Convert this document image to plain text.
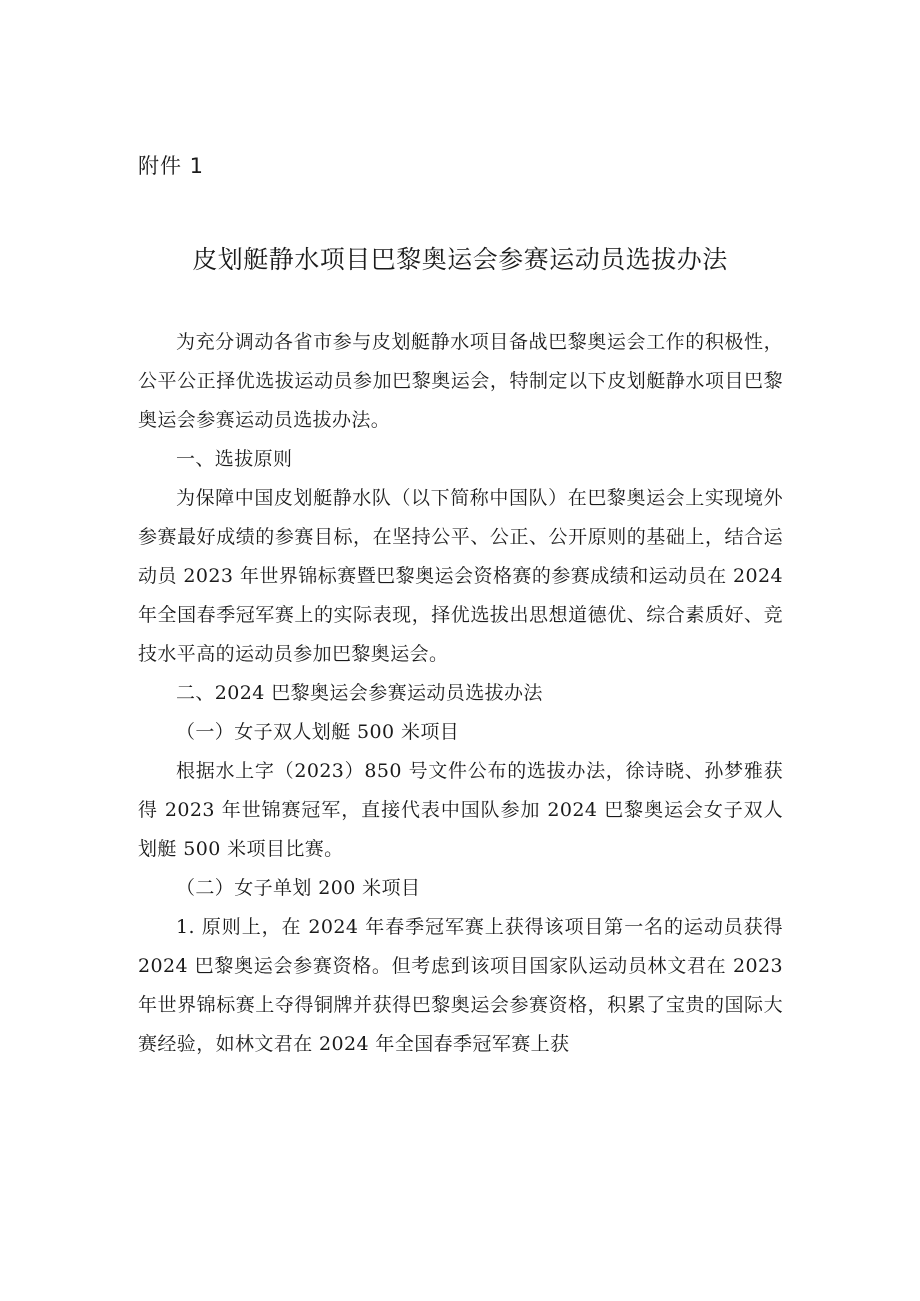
附件 1
皮划艇静水项目巴黎奥运会参赛运动员选拔办法

为充分调动各省市参与皮划艇静水项目备战巴黎奥运会工作的积极性，公平公正择优选拔运动员参加巴黎奥运会，特制定以下皮划艇静水项目巴黎奥运会参赛运动员选拔办法。

一、选拔原则

为保障中国皮划艇静水队（以下简称中国队）在巴黎奥运会上实现境外参赛最好成绩的参赛目标，在坚持公平、公正、公开原则的基础上，结合运动员 2023 年世界锦标赛暨巴黎奥运会资格赛的参赛成绩和运动员在 2024 年全国春季冠军赛上的实际表现，择优选拔出思想道德优、综合素质好、竞技水平高的运动员参加巴黎奥运会。

二、2024 巴黎奥运会参赛运动员选拔办法

（一）女子双人划艇 500 米项目

根据水上字（2023）850 号文件公布的选拔办法，徐诗晓、孙梦雅获得 2023 年世锦赛冠军，直接代表中国队参加 2024 巴黎奥运会女子双人划艇 500 米项目比赛。

（二）女子单划 200 米项目

1. 原则上，在 2024 年春季冠军赛上获得该项目第一名的运动员获得 2024 巴黎奥运会参赛资格。但考虑到该项目国家队运动员林文君在 2023 年世界锦标赛上夺得铜牌并获得巴黎奥运会参赛资格，积累了宝贵的国际大赛经验，如林文君在 2024 年全国春季冠军赛上获
